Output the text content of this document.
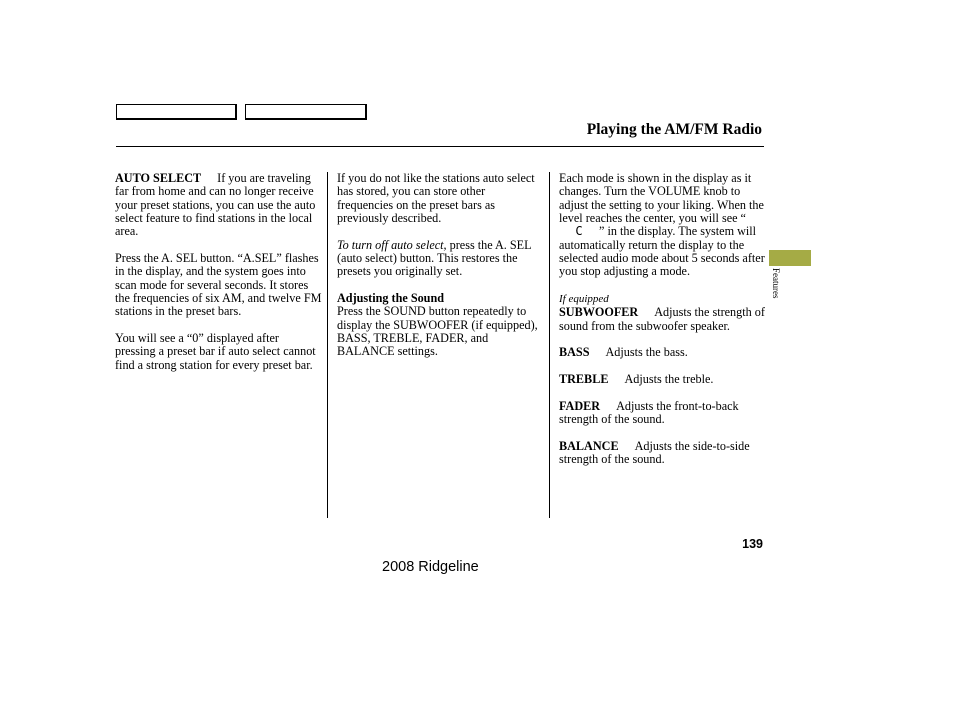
Playing the AM/FM Radio

AUTO SELECT If you are traveling far from home and can no longer receive your preset stations, you can use the auto select feature to find stations in the local area.

Press the A. SEL button. “A.SEL” flashes in the display, and the system goes into scan mode for several seconds. It stores the frequencies of six AM, and twelve FM stations in the preset bars.

You will see a “0” displayed after pressing a preset bar if auto select cannot find a strong station for every preset bar.

If you do not like the stations auto select has stored, you can store other frequencies on the preset bars as previously described.

To turn off auto select, press the A. SEL (auto select) button. This restores the presets you originally set.

Adjusting the Sound
Press the SOUND button repeatedly to display the SUBWOOFER (if equipped), BASS, TREBLE, FADER, and BALANCE settings.

Each mode is shown in the display as it changes. Turn the VOLUME knob to adjust the setting to your liking. When the level reaches the center, you will see “C ” in the display. The system will automatically return the display to the selected audio mode about 5 seconds after you stop adjusting a mode.

If equipped
SUBWOOFER Adjusts the strength of sound from the subwoofer speaker.

BASS Adjusts the bass.

TREBLE Adjusts the treble.

FADER Adjusts the front-to-back strength of the sound.

BALANCE Adjusts the side-to-side strength of the sound.

Features
139
2008 Ridgeline
